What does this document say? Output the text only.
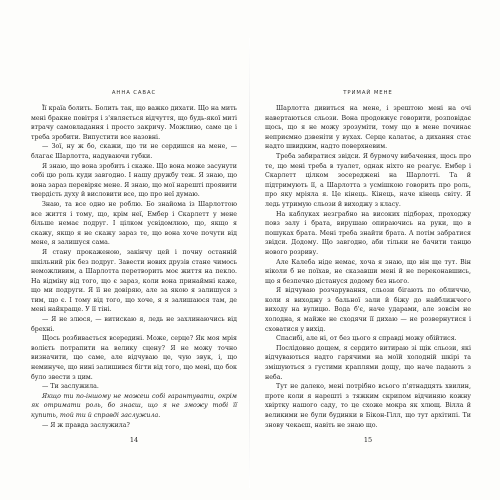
АННА САВАС

Її країа болить. Болить так, що важко дихати. Що на мить мені бракне повітря і з'являється відчуття, що будь-якої миті втрачу самовладання і просто закричу. Можливо, саме це і треба зробити. Випустити все назовні.

— Зої, ну ж бо, скажи, що ти не сердишся на мене, — благає Шарлотта, надуваючи губки.

Я знаю, що вона зробить і скаже. Що вона може засунути собі цю роль куди завгодно. І нашу дружбу теж. Я знаю, що вона зараз перевіряє мене. Я знаю, що мої нарешті проявити твердість духу й висловити все, що про неї думаю.

Знаю, та все одно не роблю. Бо знайома із Шарлоттою все життя і тому, що, крім неї, Ембер і Скарлетт у мене більше немає подруг. І цілком усвідомлюю, що, якщо я скажу, якщо я не скажу зараз те, що вона хоче почути від мене, я залишуся сама.

Я стану прокаженою, закінчу цей і почну останній шкільний рік без подруг. Завести нових друзів стане чимось неможливим, а Шарлотта перетворить моє життя на пекло. На відміну від того, що є зараз, коли вона принаймні каже, що ми подруги. Я її не довіряю, але за якою я залишуся з тим, що є. І тому від того, що хоче, я я залишаюся там, де мені найкраще. У її тіні.

— Я не злюся, — витискаю я, ледь не захлинаючись від брехні.

Щось розбивається всередині. Може, серце? Як моя мрія волієть потрапити на велику сцену? Я не можу точно визначити, що саме, але відчуваю це, чую звук, і, що неминуче, що нині залишився бігти від того, що мені, що бок було звести з цим.

— Ти заслужила.

Якщо ти по-іншому не можеш собі гарантувати, окрім як отримати роль, бо знаєш, що я не зможу тобі її купить, той ти й справді заслужила.

— Я ж правда заслужила?

14
ТРИМАЙ МЕНЕ

Шарлотта дивиться на мене, і зрештою мені на очі навертаються сльози. Вона продовжує говорити, розповідає щось, що я не можу зрозуміти, тому що в мене починає неприємно дзвеніти у вухах. Серце калатає, а дихання стає надто швидким, надто поверхневим.

Треба забиратися звідси. Я бурмочу вибачення, щось про те, що мені треба в туалет, однак ніхто не реагує. Ембер і Скарлетт цілком зосереджені на Шарлотті. Та й підтримують її, а Шарлотта з усмішкою говорить про роль, про яку мріяла я. Це кінець. Кінець, наче кінець світу. Я ледь утримую сльози й виходжу з класу.

На каблуках незграбно на високих підборах, проходжу повз залу і брата, вирушаю опираючись на руки, що в пошуках брата. Мені треба знайти брата. А потім забратися звідси. Додому. Що завгодно, аби тільки не бачити танцю нового розриву.

Але Калеба ніде немає, хоча я знаю, що він ще тут. Він ніколи б не поїхав, не сказавши мені й не переконавшись, що я безпечно дістануся додому без нього.

Я відчуваю розчарування, сльози бігають по обличчю, коли я виходжу з бальної зали й біжу до найближчого виходу на вулицю. Вода б'є, наче ударами, але зовсім не холодна, я майже не сходячи її дихаю — не розвернутися і сховатися у вихід.

Спасибі, але ні, от без цього я справді можу обійтися.

Послідовно дощем, я сердито витираю зі щік сльози, які відчуваються надто гарячими на моїй холодній шкірі та змішуються з густими краплями дощу, що наче падають з неба.

Тут не далеко, мені потрібно всього п'ятнадцять хвилин, проте коли я нарешті з тяжким скрипом відчиняю кожну хвіртку нашого саду, то це схоже мокра як хлющ. Вілла й великими не були будинки в Бікон-Гілл, що тут архітипі. Ти знову чекаєш, навіть не знаю що.

15
